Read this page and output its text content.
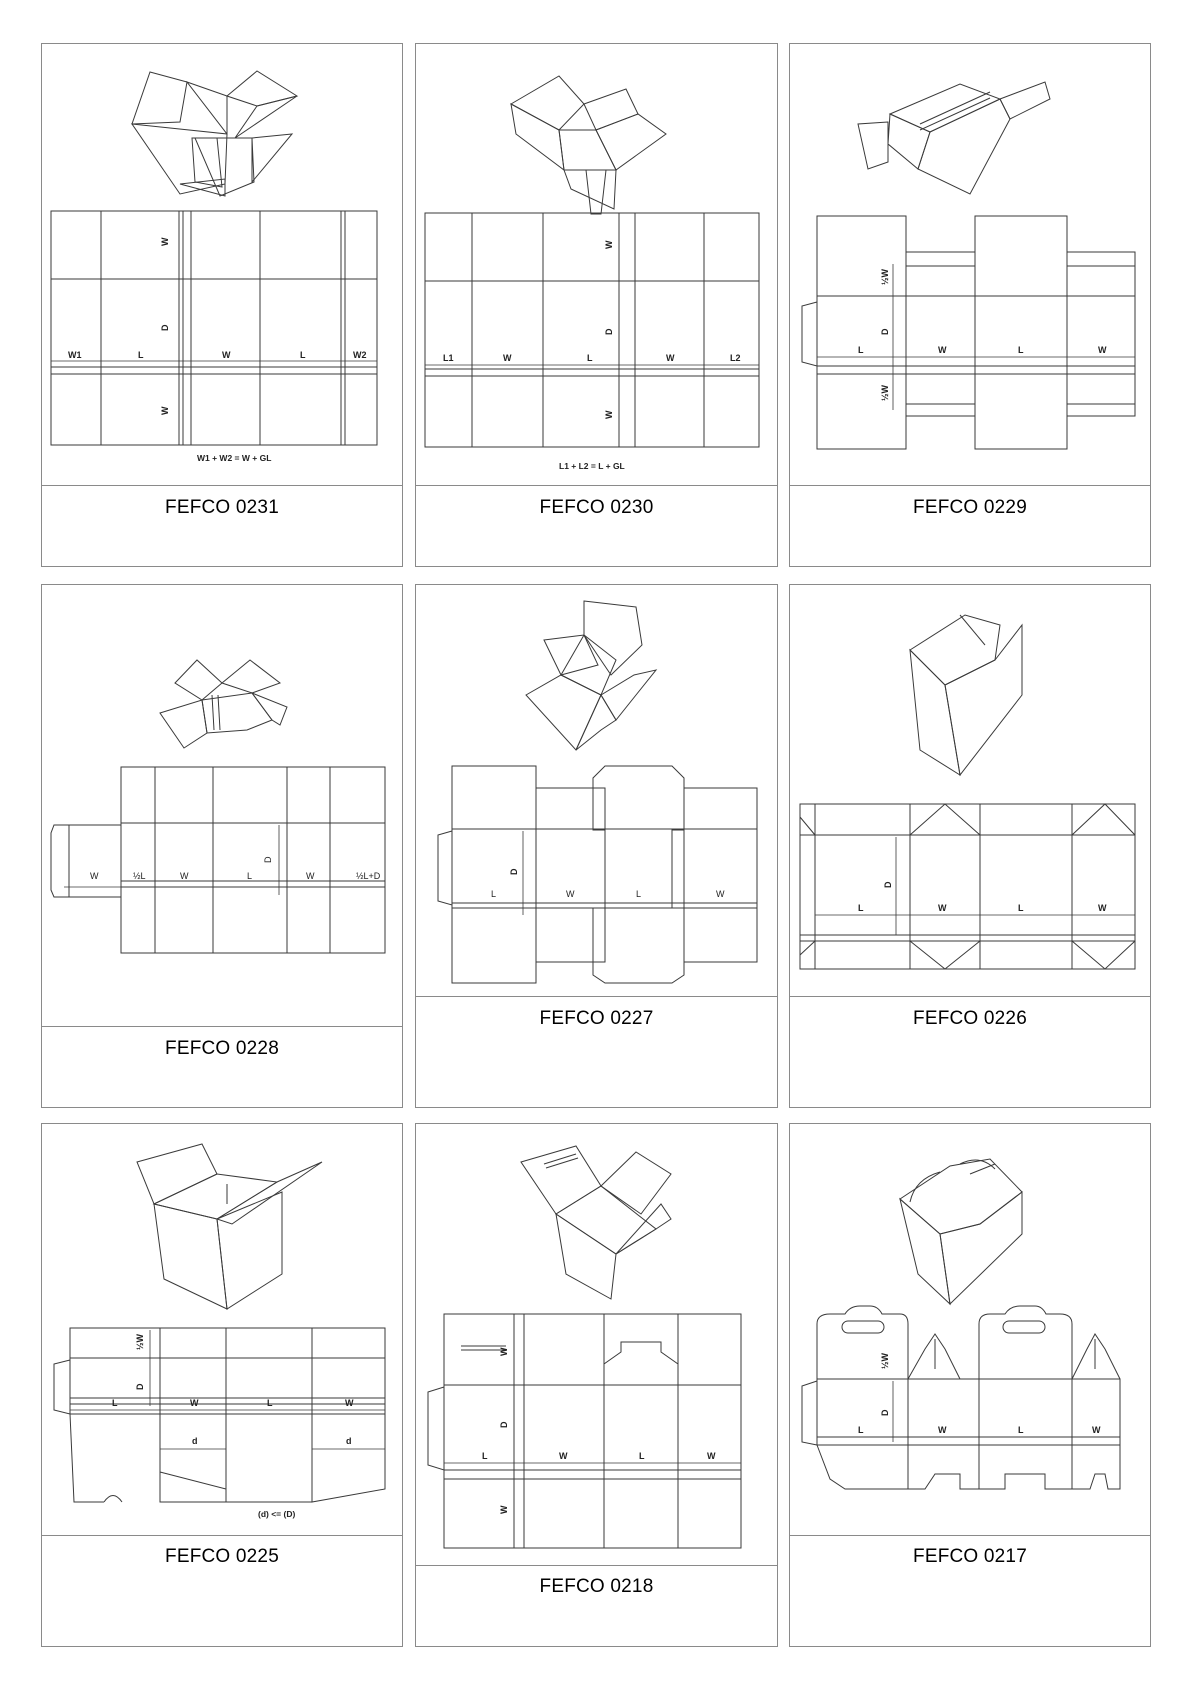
W
D
W
W1	L	W	L	W2
W1 + W2 = W + GL
FEFCO 0231
W
D
W
L1	W	L	W	L2
L1 + L2 = L + GL
FEFCO 0230
½W
D
½W
L	W	L	W
FEFCO 0229
W	½L	W	L	W	½L+D
D
FEFCO 0228
D
L	W	L	W
FEFCO 0227
D
L	W	L	W
FEFCO 0226
½W
D
L	W	L	W
d	d
(d) <= (D)
FEFCO 0225
W
D
W
L	W	L	W
FEFCO 0218
½W
D
L	W	L	W
FEFCO 0217
